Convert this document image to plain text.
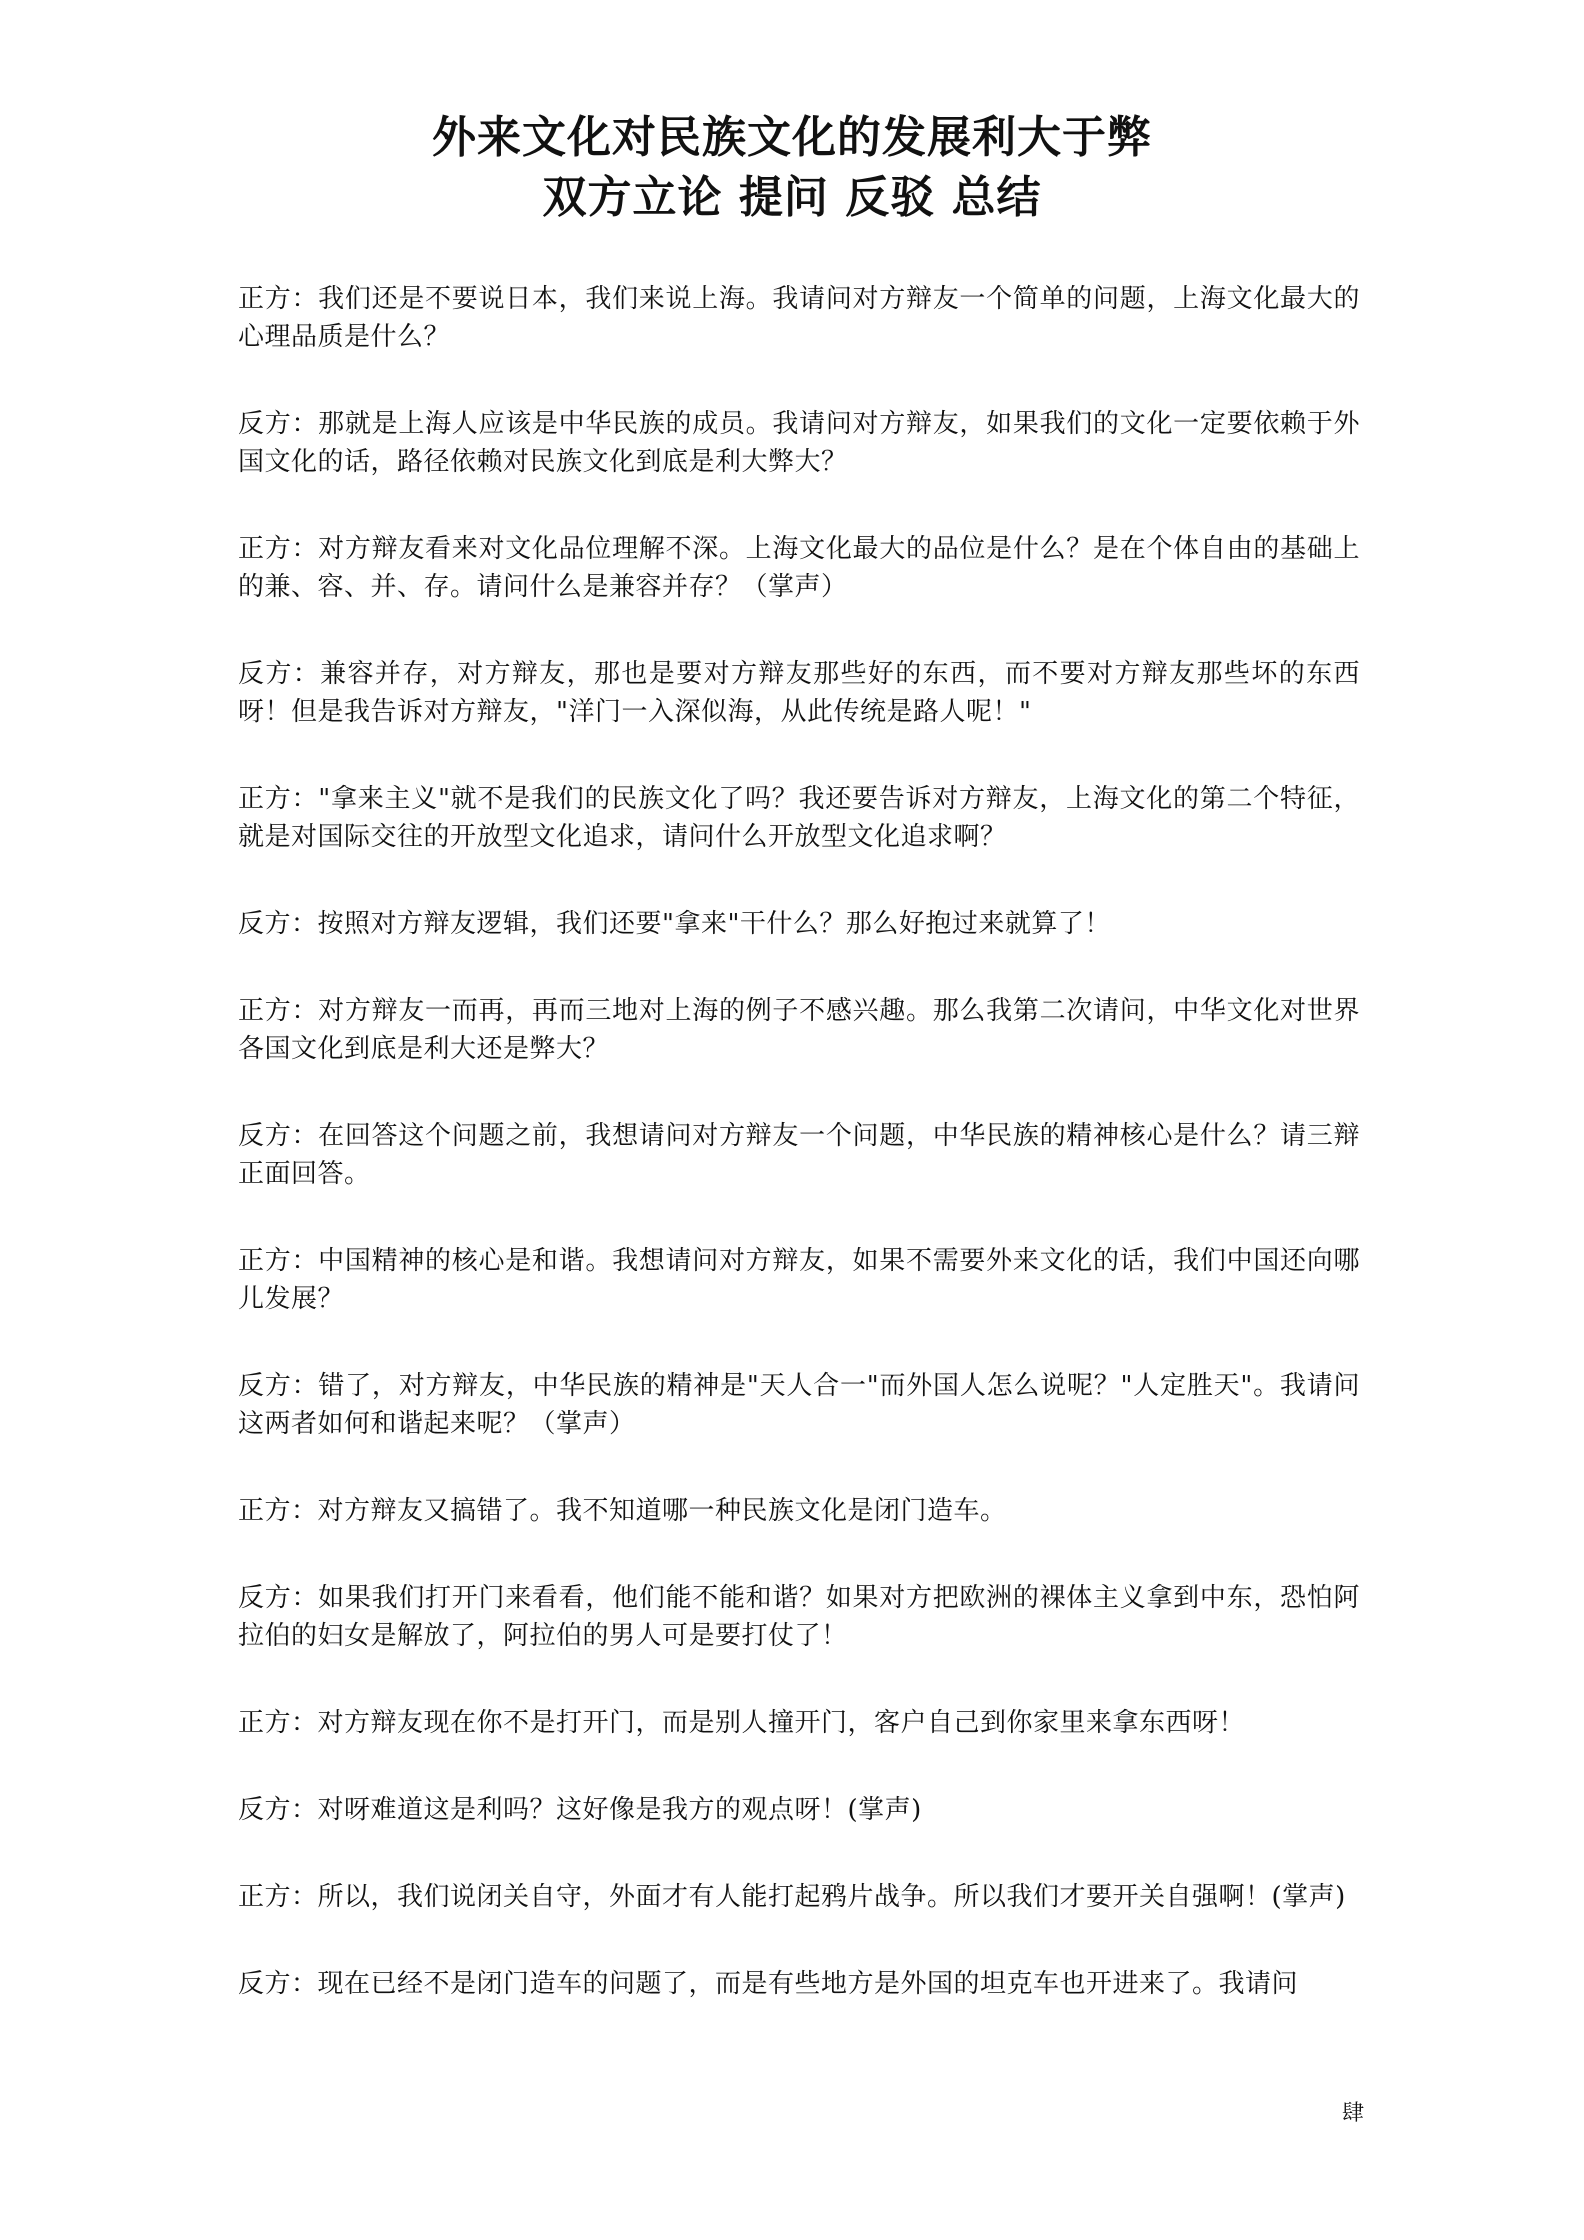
外来文化对民族文化的发展利大于弊
双方立论 提问 反驳 总结

正方：我们还是不要说日本，我们来说上海。我请问对方辩友一个简单的问题，上海文化最大的心理品质是什么？

反方：那就是上海人应该是中华民族的成员。我请问对方辩友，如果我们的文化一定要依赖于外国文化的话，路径依赖对民族文化到底是利大弊大？

正方：对方辩友看来对文化品位理解不深。上海文化最大的品位是什么？是在个体自由的基础上的兼、容、并、存。请问什么是兼容并存？（掌声）

反方：兼容并存，对方辩友，那也是要对方辩友那些好的东西，而不要对方辩友那些坏的东西呀！但是我告诉对方辩友，"洋门一入深似海，从此传统是路人呢！"

正方："拿来主义"就不是我们的民族文化了吗？我还要告诉对方辩友，上海文化的第二个特征，就是对国际交往的开放型文化追求，请问什么开放型文化追求啊？

反方：按照对方辩友逻辑，我们还要"拿来"干什么？那么好抱过来就算了！

正方：对方辩友一而再，再而三地对上海的例子不感兴趣。那么我第二次请问，中华文化对世界各国文化到底是利大还是弊大？

反方：在回答这个问题之前，我想请问对方辩友一个问题，中华民族的精神核心是什么？请三辩正面回答。

正方：中国精神的核心是和谐。我想请问对方辩友，如果不需要外来文化的话，我们中国还向哪儿发展？

反方：错了，对方辩友，中华民族的精神是"天人合一"而外国人怎么说呢？"人定胜天"。我请问这两者如何和谐起来呢？（掌声）

正方：对方辩友又搞错了。我不知道哪一种民族文化是闭门造车。

反方：如果我们打开门来看看，他们能不能和谐？如果对方把欧洲的裸体主义拿到中东，恐怕阿拉伯的妇女是解放了，阿拉伯的男人可是要打仗了！

正方：对方辩友现在你不是打开门，而是别人撞开门，客户自己到你家里来拿东西呀！

反方：对呀难道这是利吗？这好像是我方的观点呀！(掌声)

正方：所以，我们说闭关自守，外面才有人能打起鸦片战争。所以我们才要开关自强啊！(掌声)

反方：现在已经不是闭门造车的问题了，而是有些地方是外国的坦克车也开进来了。我请问

肆
